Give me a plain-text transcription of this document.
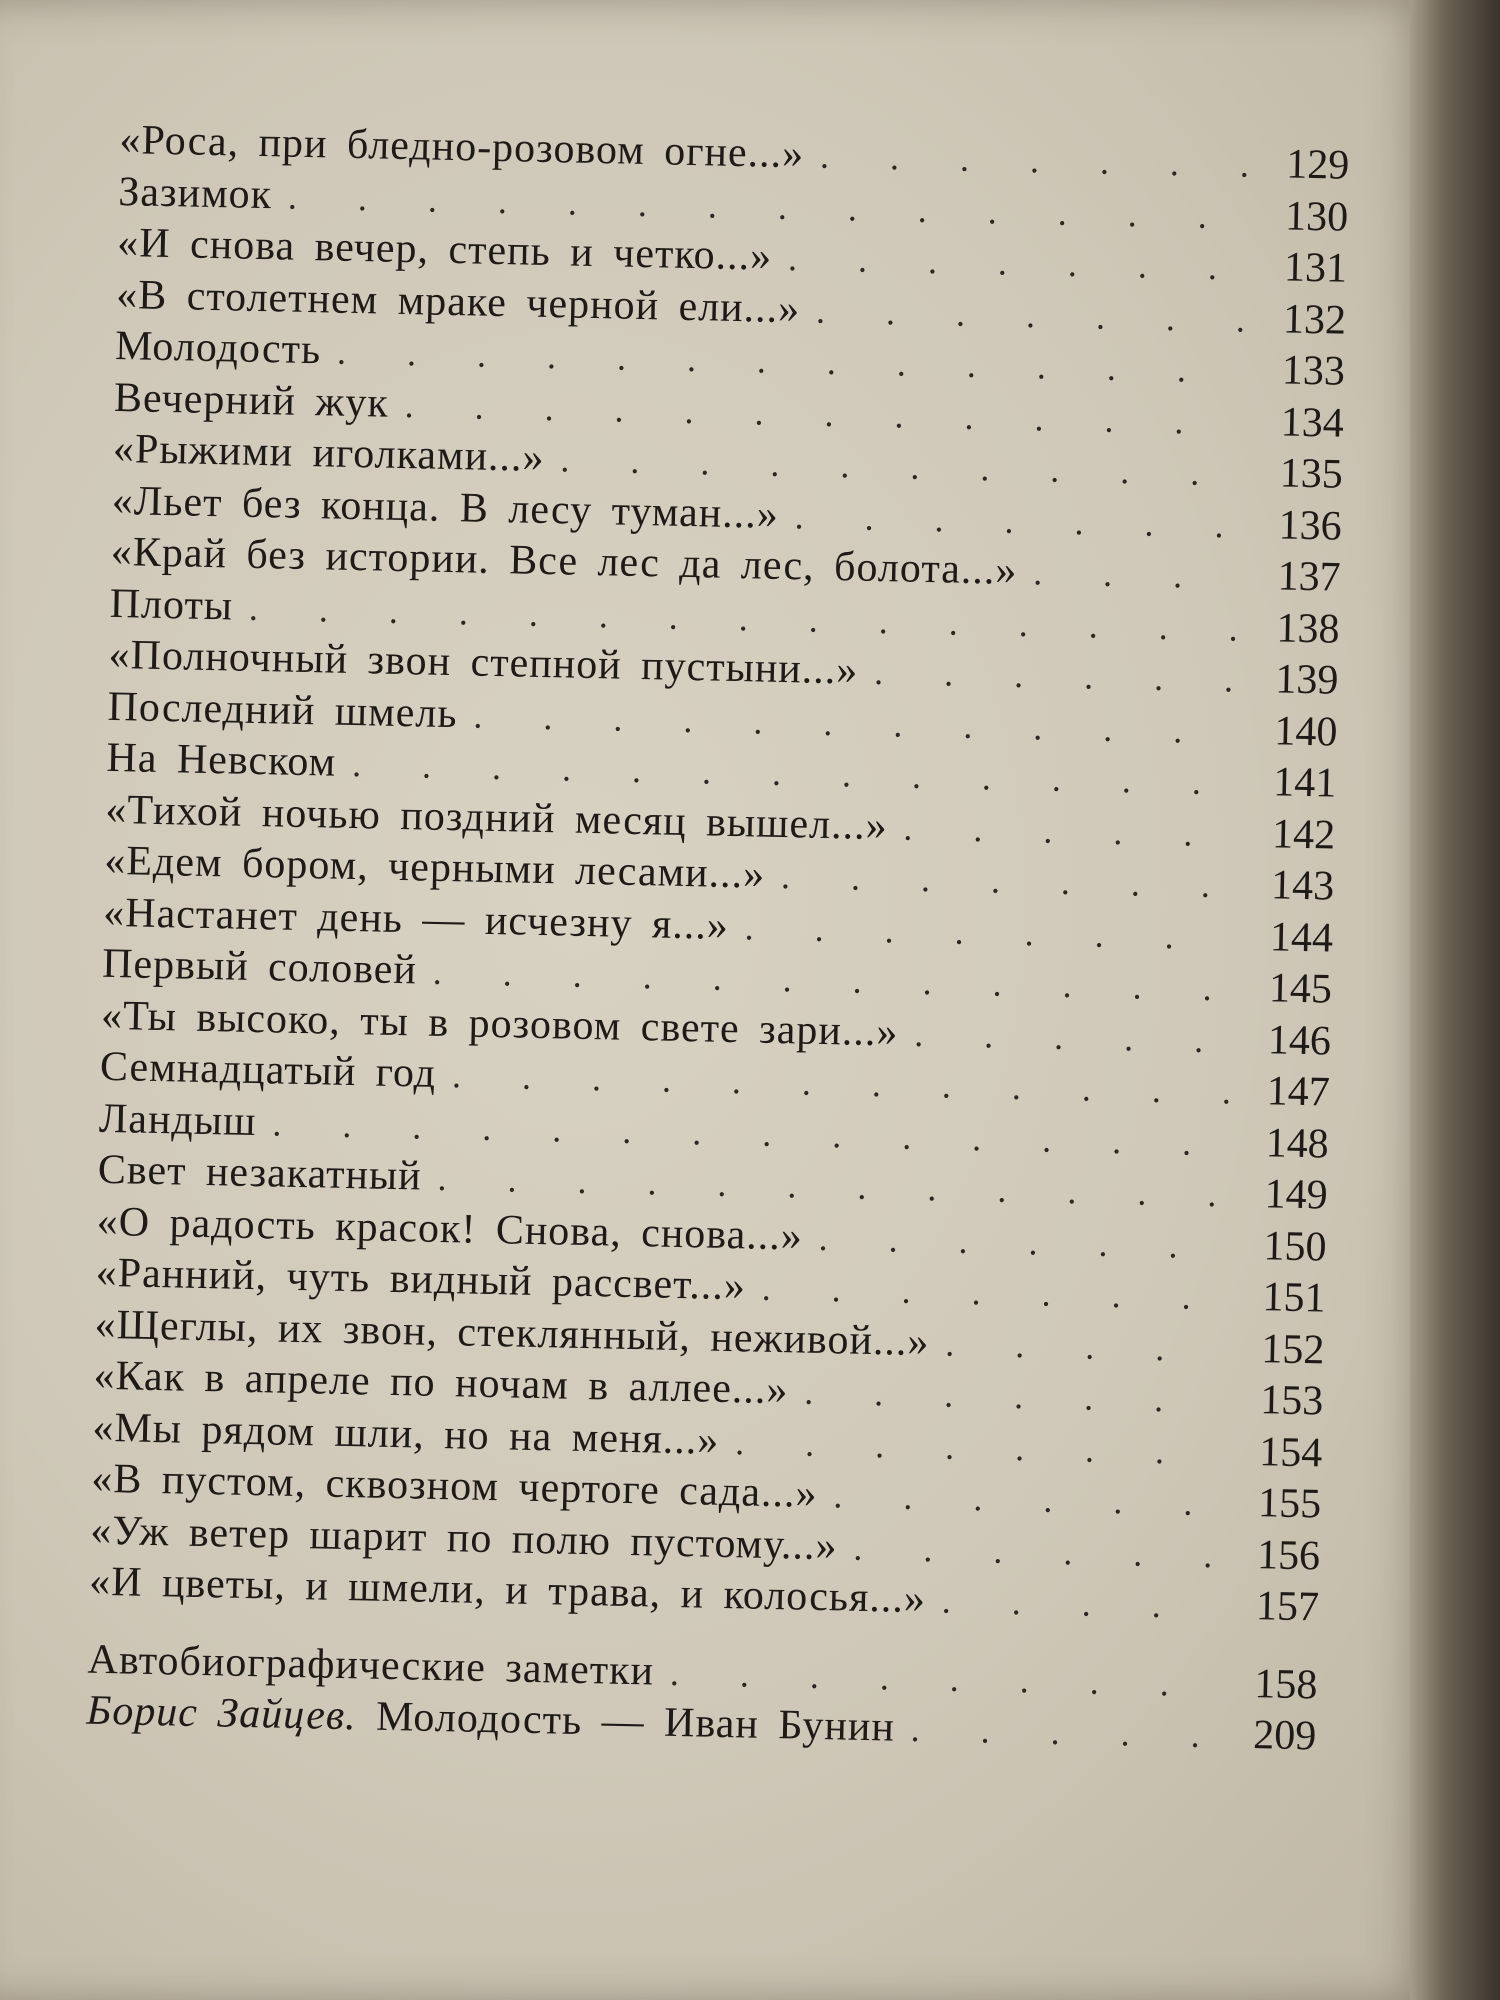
«Роса, при бледно-розовом огне...» . . .	129
Зазимок . . .	130
«И снова вечер, степь и четко...» . . .	131
«В столетнем мраке черной ели...» . . .	132
Молодость . . .	133
Вечерний жук . . .	134
«Рыжими иголками...» . . .	135
«Льет без конца. В лесу туман...» . . .	136
«Край без истории. Все лес да лес, болота...» . . .	137
Плоты . . .	138
«Полночный звон степной пустыни...» . . .	139
Последний шмель . . .	140
На Невском . . .	141
«Тихой ночью поздний месяц вышел...» . . .	142
«Едем бором, черными лесами...» . . .	143
«Настанет день — исчезну я...» . . .	144
Первый соловей . . .	145
«Ты высоко, ты в розовом свете зари...» . . .	146
Семнадцатый год . . .	147
Ландыш . . .	148
Свет незакатный . . .	149
«О радость красок! Снова, снова...» . . .	150
«Ранний, чуть видный рассвет...» . . .	151
«Щеглы, их звон, стеклянный, неживой...» . . .	152
«Как в апреле по ночам в аллее...» . . .	153
«Мы рядом шли, но на меня...» . . .	154
«В пустом, сквозном чертоге сада...» . . .	155
«Уж ветер шарит по полю пустому...» . . .	156
«И цветы, и шмели, и трава, и колосья...» . . .	157
Автобиографические заметки . . .	158
Борис Зайцев. Молодость — Иван Бунин . . .	209
